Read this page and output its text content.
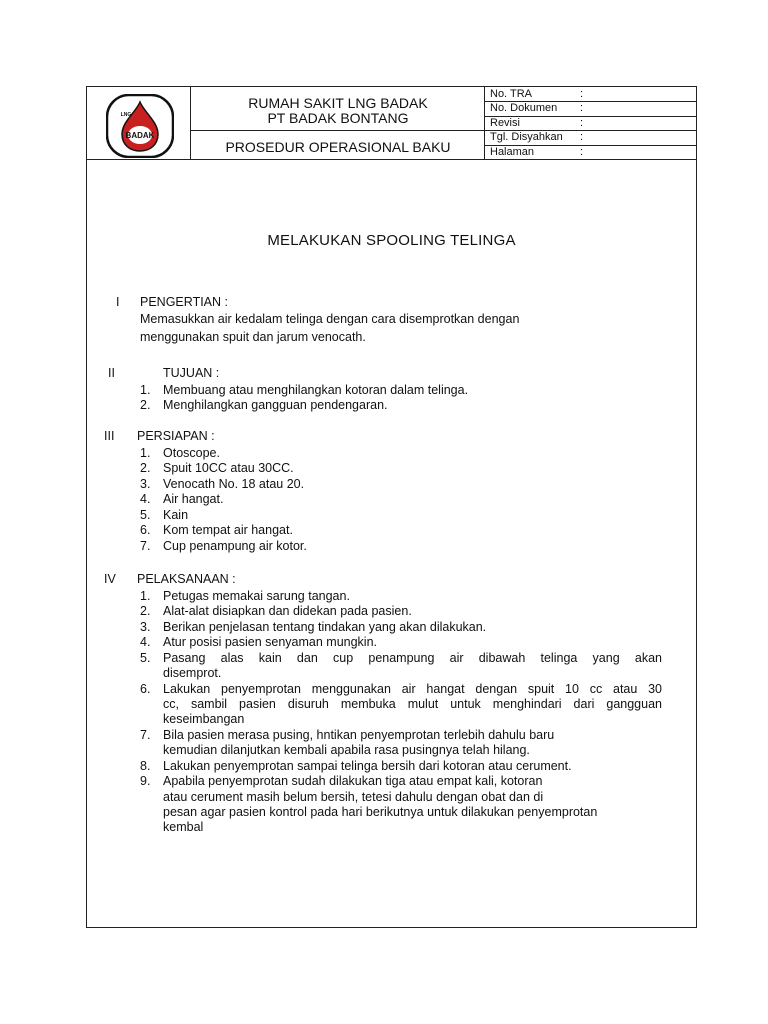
BADAK
LNG
RUMAH SAKIT LNG BADAK
PT BADAK BONTANG
PROSEDUR OPERASIONAL BAKU
No. TRA	:
No. Dokumen :
Revisi	:
Tgl. Disyahkan :
Halaman	:
MELAKUKAN SPOOLING TELINGA
I PENGERTIAN :
Memasukkan air kedalam telinga dengan cara disemprotkan dengan
menggunakan spuit dan jarum venocath.
II	TUJUAN :
1. Membuang atau menghilangkan kotoran dalam telinga.
2. Menghilangkan gangguan pendengaran.
III PERSIAPAN :
1. Otoscope.
2. Spuit 10CC atau 30CC.
3. Venocath No. 18 atau 20.
4. Air hangat.
5. Kain
6. Kom tempat air hangat.
7. Cup penampung air kotor.
IV PELAKSANAAN :
1. Petugas memakai sarung tangan.
2. Alat-alat disiapkan dan didekan pada pasien.
3. Berikan penjelasan tentang tindakan yang akan dilakukan.
4. Atur posisi pasien senyaman mungkin.
5. Pasang alas kain dan cup penampung air dibawah telinga yang akan
disemprot.
6. Lakukan penyemprotan menggunakan air hangat dengan spuit 10 cc atau 30
cc, sambil pasien disuruh membuka mulut untuk menghindari dari gangguan
keseimbangan
7. Bila pasien merasa pusing, hntikan penyemprotan terlebih dahulu baru
kemudian dilanjutkan kembali apabila rasa pusingnya telah hilang.
8. Lakukan penyemprotan sampai telinga bersih dari kotoran atau cerument.
9. Apabila penyemprotan sudah dilakukan tiga atau empat kali, kotoran
atau cerument masih belum bersih, tetesi dahulu dengan obat dan di
pesan agar pasien kontrol pada hari berikutnya untuk dilakukan penyemprotan
kembal
